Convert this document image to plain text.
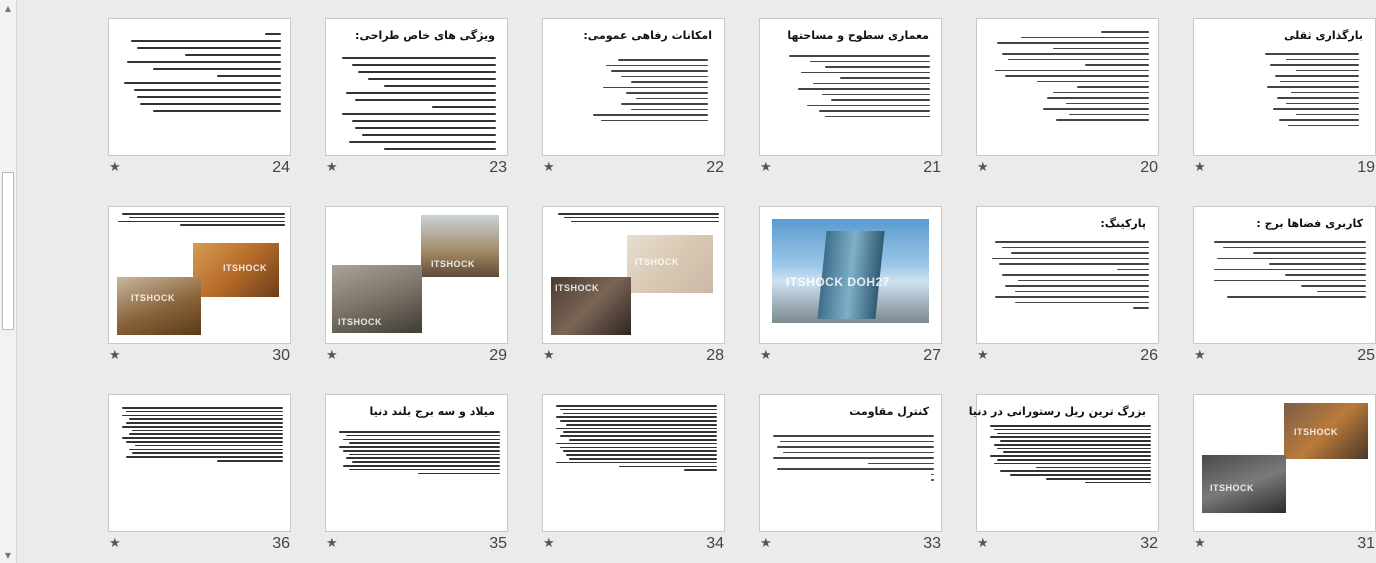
▲
▼
بارگذاری ثقلی
★	19
★	20
معماری سطوح و مساحتها
★	21
امکانات رفاهی عمومی:
★	22
ویژگی های خاص طراحی:
★	23
★	24
کاربری فضاها برج :
★	25
پارکینگ:
★	26
ITSHOCK DOH27
★	27
ITSHOCK
ITSHOCK
★	28
ITSHOCK
ITSHOCK
★	29
ITSHOCK
ITSHOCK
★	30
ITSHOCK
ITSHOCK
★	31
بزرگ ترین ریل رستورانی در دنیا
★	32
کنترل مقاومت
★	33
★	34
میلاد و سه برج بلند دنیا
★	35
★	36
